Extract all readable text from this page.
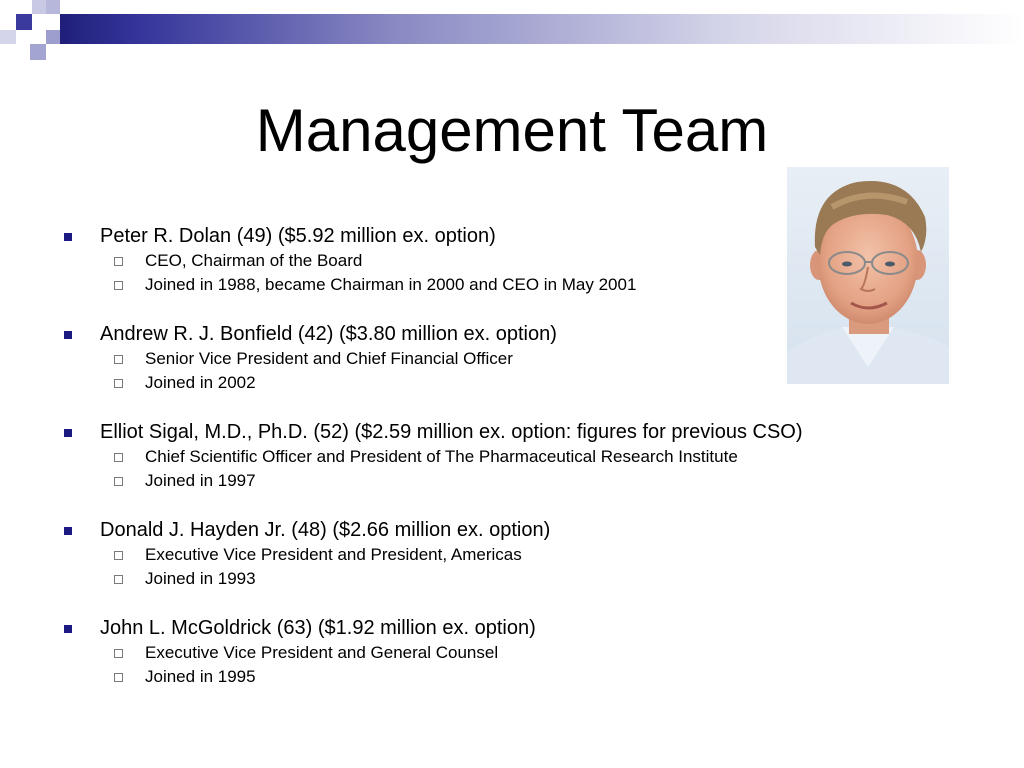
Management Team
Peter R. Dolan (49) ($5.92 million ex. option)
CEO, Chairman of the Board
Joined in 1988, became Chairman in 2000 and CEO in May 2001
Andrew R. J. Bonfield (42) ($3.80 million ex. option)
Senior Vice President and Chief Financial Officer
Joined in 2002
Elliot Sigal, M.D., Ph.D. (52) ($2.59 million ex. option: figures for previous CSO)
Chief Scientific Officer and President of The Pharmaceutical Research Institute
Joined in 1997
Donald J. Hayden Jr. (48) ($2.66 million ex. option)
Executive Vice President and President, Americas
Joined in 1993
John L. McGoldrick (63) ($1.92 million ex. option)
Executive Vice President and General Counsel
Joined in 1995
